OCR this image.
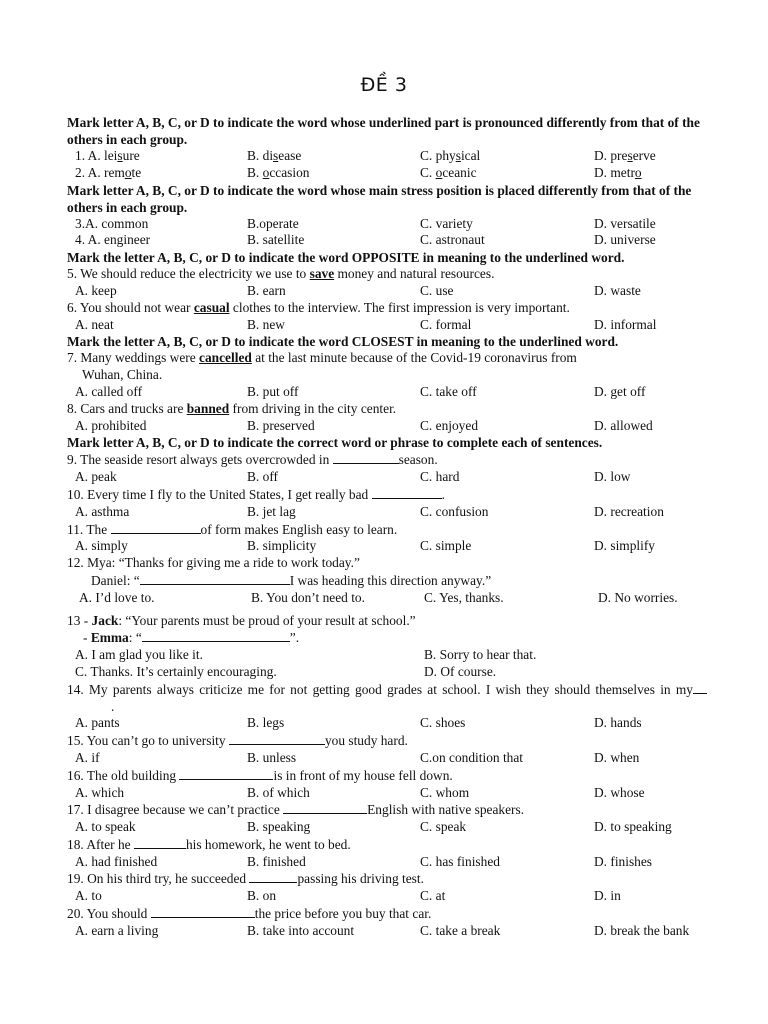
ĐỀ 3

Mark letter A, B, C, or D to indicate the word whose underlined part is pronounced differently from that of the others in each group.

1. A. leisure	B. disease	C. physical	D. preserve
2. A. remote	B. occasion	C. oceanic	D. metro

Mark letter A, B, C, or D to indicate the word whose main stress position is placed differently from that of the others in each group.

3.A. common	B.operate	C. variety	D. versatile
4. A. engineer	B. satellite	C. astronaut	D. universe

Mark the letter A, B, C, or D to indicate the word OPPOSITE in meaning to the underlined word.

5. We should reduce the electricity we use to save money and natural resources.

A. keep	B. earn	C. use	D. waste

6. You should not wear casual clothes to the interview. The first impression is very important.

A. neat	B. new	C. formal	D. informal

Mark the letter A, B, C, or D to indicate the word CLOSEST in meaning to the underlined word.

7. Many weddings were cancelled at the last minute because of the Covid-19 coronavirus from

Wuhan, China.

A. called off	B. put off	C. take off	D. get off

8. Cars and trucks are banned from driving in the city center.

A. prohibited	B. preserved	C. enjoyed	D. allowed

Mark letter A, B, C, or D to indicate the correct word or phrase to complete each of sentences.

9. The seaside resort always gets overcrowded in	season.

A. peak	B. off	C. hard	D. low

10. Every time I fly to the United States, I get really bad	.

A. asthma	B. jet lag	C. confusion	D. recreation

11. The	of form makes English easy to learn.

A. simply	B. simplicity	C. simple	D. simplify

12. Mya: “Thanks for giving me a ride to work today.”

Daniel: “	I was heading this direction anyway.”

A. I’d love to.	B. You don’t need to.	C. Yes, thanks.	D. No worries.

13 - Jack: “Your parents must be proud of your result at school.”

- Emma: “	”.

A. I am glad you like it.	B. Sorry to hear that.
C. Thanks. It’s certainly encouraging.	D. Of course.

14. My parents always criticize me for not getting good grades at school. I wish they should themselves in my.

A. pants	B. legs	C. shoes	D. hands

15. You can’t go to university	you study hard.

A. if	B. unless	C.on condition that	D. when

16. The old building	is in front of my house fell down.

A. which	B. of which	C. whom	D. whose

17. I disagree because we can’t practice	English with native speakers.

A. to speak	B. speaking	C. speak	D. to speaking

18. After he	his homework, he went to bed.

A. had finished	B. finished	C. has finished	D. finishes

19. On his third try, he succeeded	passing his driving test.

A. to	B. on	C. at	D. in

20. You should	the price before you buy that car.

A. earn a living	B. take into account	C. take a break	D. break the bank
